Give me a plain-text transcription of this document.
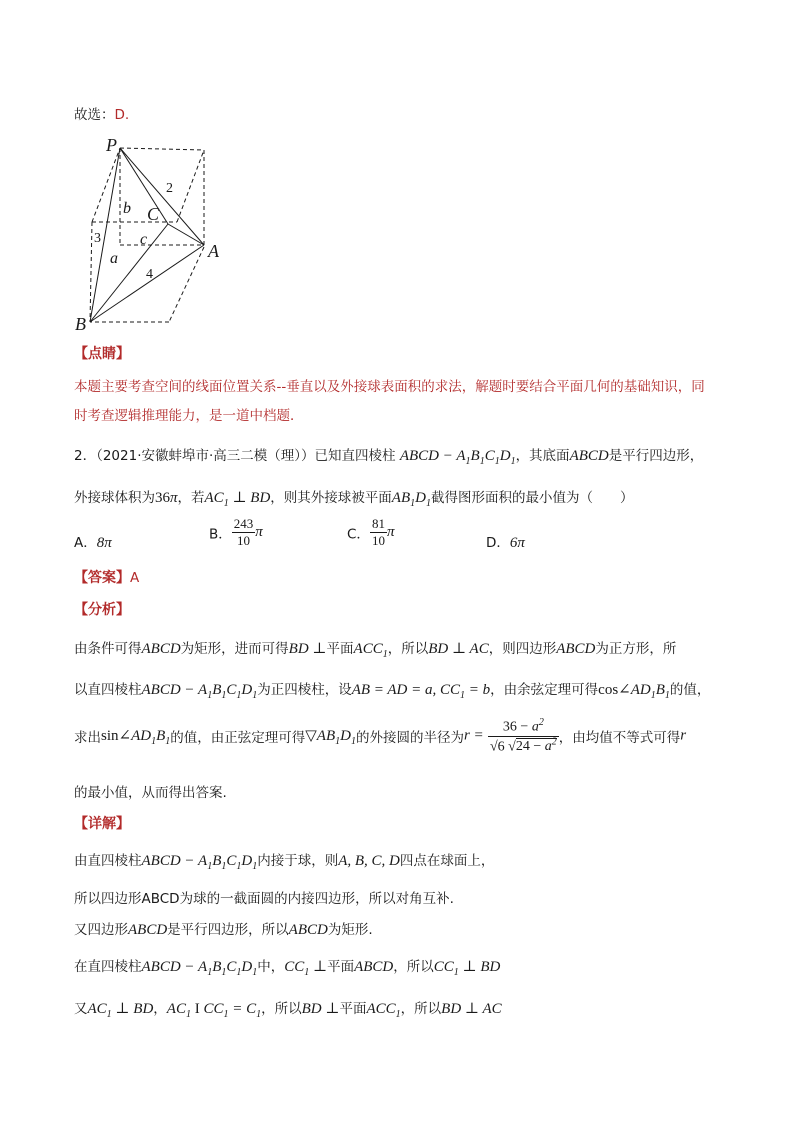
故选：D.
P
C
A
B
2
b
3 c
a
4
【点睛】
本题主要考查空间的线面位置关系--垂直以及外接球表面积的求法，解题时要结合平面几何的基础知识，同
时考查逻辑推理能力，是一道中档题．
2．（2021·安徽蚌埠市·高三二模（理））已知直四棱柱 ABCD − $A_1B_1C_1D_1$，其底面ABCD是平行四边形，
外接球体积为36π，若$AC_1$ ⊥ BD，则其外接球被平面$AB_1D_1$截得图形面积的最小值为（　　）
A．8π
B． $\frac{243}{10}$ π	C． $\frac{81}{10}$ π
D．6π
【答案】A
【分析】
由条件可得ABCD为矩形，进而可得BD ⊥平面$ACC_1$，所以BD ⊥ AC，则四边形ABCD为正方形，所
以直四棱柱ABCD − $A_1B_1C_1D_1$为正四棱柱，设AB = AD = a, $CC_1 = b$，由余弦定理可得$\cos\angle AD_1B_1$的值，
求出$\sin\angle AD_1B_1$的值，由正弦定理可得$▽AB_1D_1$的外接圆的半径为$r = \frac{36 - a^2}{√6 √24 - a^2}$ ，由均值不等式可得r
的最小值，从而得出答案.
【详解】
由直四棱柱ABCD − $A_1B_1C_1D_1$内接于球，则A, B, C, D四点在球面上，
所以四边形ABCD为球的一截面圆的内接四边形，所以对角互补.
又四边形ABCD是平行四边形，所以ABCD为矩形.
在直四棱柱ABCD − $A_1B_1C_1D_1$中，$CC_1$ ⊥平面ABCD，所以$CC_1$ ⊥ BD
又$AC_1$ ⊥ BD，$AC_1$ I $CC_1 = C_1$，所以BD ⊥平面$ACC_1$，所以BD ⊥ AC
